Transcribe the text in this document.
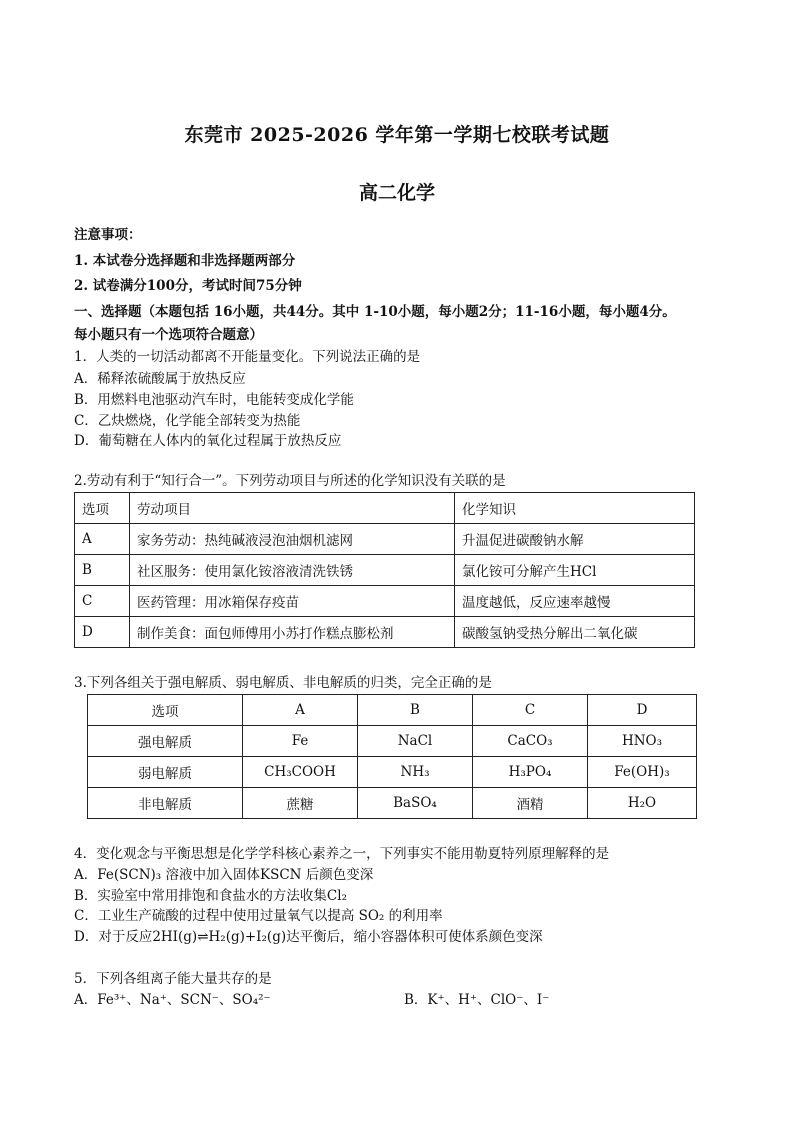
东莞市 2025-2026 学年第一学期七校联考试题
高二化学
注意事项：
1. 本试卷分选择题和非选择题两部分
2. 试卷满分100分，考试时间75分钟
一、选择题（本题包括 16小题，共44分。其中 1-10小题，每小题2分；11-16小题，每小题4分。
每小题只有一个选项符合题意）
1．人类的一切活动都离不开能量变化。下列说法正确的是
A．稀释浓硫酸属于放热反应
B．用燃料电池驱动汽车时，电能转变成化学能
C．乙炔燃烧，化学能全部转变为热能
D．葡萄糖在人体内的氧化过程属于放热反应
2.劳动有利于“知行合一”。下列劳动项目与所述的化学知识没有关联的是
选项	劳动项目	化学知识
A	家务劳动：热纯碱液浸泡油烟机滤网	升温促进碳酸钠水解
B	社区服务：使用氯化铵溶液清洗铁锈	氯化铵可分解产生HCl
C	医药管理：用冰箱保存疫苗	温度越低，反应速率越慢
D	制作美食：面包师傅用小苏打作糕点膨松剂	碳酸氢钠受热分解出二氧化碳
3.下列各组关于强电解质、弱电解质、非电解质的归类，完全正确的是
选项	A	B	C	D
强电解质	Fe	NaCl	CaCO₃	HNO₃
弱电解质	CH₃COOH	NH₃	H₃PO₄	Fe(OH)₃
非电解质	蔗糖	BaSO₄	酒精	H₂O
4．变化观念与平衡思想是化学学科核心素养之一，下列事实不能用勒夏特列原理解释的是
A．Fe(SCN)₃ 溶液中加入固体KSCN 后颜色变深
B．实验室中常用排饱和食盐水的方法收集Cl₂
C．工业生产硫酸的过程中使用过量氧气以提高 SO₂ 的利用率
D．对于反应2HI(g)⇌H₂(g)+I₂(g)达平衡后，缩小容器体积可使体系颜色变深
5．下列各组离子能大量共存的是
A．Fe³⁺、Na⁺、SCN⁻、SO₄²⁻	B．K⁺、H⁺、ClO⁻、I⁻
